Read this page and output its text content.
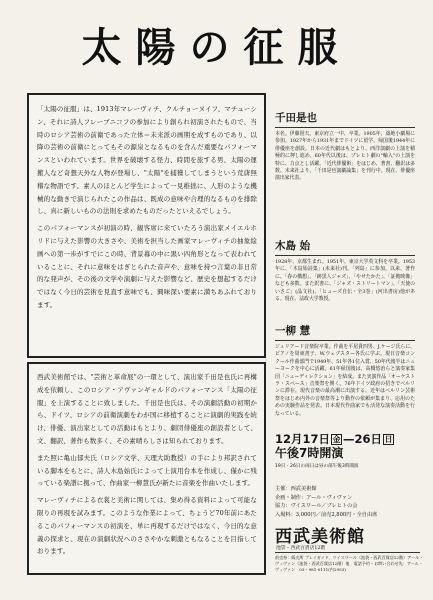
太陽の征服

「太陽の征服」は、1913年マレーヴィチ、クルチョーヌイフ、マチューシン、それに詩人フレーブニコフの参加により創られ初演されたもので、当時のロシア芸術の前衛であった立体＝未来派の画期を成すものであり、以降の芸術の前衛にとってもその源泉となるものを含んだ重要なパフォーマンスといわれています。世界を破壊する怪力、時間を旅する男、太陽の運搬人など奇想天外な人物が登場し、"太陽"を捕獲してしまうという荒唐無稽な物語です。素人のほとんど学生によって一見稚拙に、人形のような機械的な動きで演じられたこの作品は、既成の意味や合理的なるものを排除し、真に新しいものの法則を求めたものだったといえるでしょう。

このパフォーマンスが初演の時、観客席に来ていたろう演出家メイエルホリドに与えた影響の大きさや、美術を担当した画家マレーヴィチの抽象絵画への第一歩がすでにこの時、背景幕の中に黒い四角形となって表われていることに、それに意味をはぎとられた音声や、意味を持つ言葉の非日常的な発声が、その後の文学や演劇に与えた影響など、歴史を想起するだけではなく今日的芸術を見直す意味でも、興味深い要素に満ちあふれております。

西武美術館では、"芸術と革命展"の一環として、演出家千田是也氏に再構成を依頼し、このロシア・アヴァンギャルドのパフォーマンス「太陽の征服」を上演することに致しました。千田是也氏は、その演劇活動の初期から、ドイツ、ロシアの前衛演劇をわが国に移植することに演劇的実践を続け、俳優、演出家としての活動はもとより、劇団俳優座の創設者として、文、翻訳、著作も数多く、その素晴らしさは知られております。

また照に亀山郁夫氏（ロシア文学、天理大助教授）の手により邦訳されている脚本をもとに、詩人木島始氏によって上演用台本を作成し、僅かに残っている楽譜に拠って、作曲家一柳慧氏が新たに音楽を作曲いたします。

マレーヴィチによる衣裳と美術に関しては、集め得る資料によって可能な限りの再現を試みます。このような作業によって、ちょうど70年前にあたるこのパフォーマンスの初演を、単に再現するだけではなく、今日的な意義の探求と、現在の演劇状況へのささやかな刺激ともなることを目指しております。

千田是也
本名。伊藤圀夫。東京府立一中、卒業。1905年、築地小劇場に参加。1927年から1931年までドイツに留学。帰国後1944年に俳優座を創設。日本の近代劇はもとより、西洋演劇の上演を積極的に押し進め、60年代以後は、ブレヒト劇の"輸入"の上演を特に、力点とし活躍。「近代俳優術」をはじめ、著書、翻訳は多数。未来社より、「千田是也演劇論集」を刊行中。現在、俳優座演出家代表。
木島 始
1928年、京都生まれ。1951年、東京大学英文科を卒業。1953年に、「木島始詩集」(未来社)刊。「列島」に参加。以来、著作に、「春の構想」、「跡黒人ジャズ」、「やせたかた」、「証拠映像」なども多数。また訳書に、「ジャズ・ストリートマン」、「天使のいさご」(晶文社)、「ヒューズ自伝・全3巻」(河出書房)他がある。現在、法政大学教授。
一柳 慧
ジュリアード音楽院卒業。作曲を平尾貴四男、J.ケージ氏らに、ピアノを周東書子、W.ウェブスター各氏に学ぶ。現日音楽コンクール作曲部門で1949年、51年各1位入賞、50年代後半はニューヨークを中心に活躍。61年帰国後は、高橋悠治らと演奏家集団「ニューディレクション」を結成。また実演作品「オーケストラ・スペース」音楽祭を開く。76年ドイツ政府の招きでベルリンに滞在。現代音楽の最高潮に出演する。近年はベルリン芸術祭をはじめ内外の音楽祭等より動作の依頼が集まり、応用のための実験作品を発表。日本現代作曲家でも活発な演奏活動を行なっている。
12月17日 金 —26日 日
午後7時開演
19日・26日の両日は昼の部午後3時開演
主催：西武美術館
企画・制作：アール・ヴィヴァン
協力：ヴイスワール／ブレヒトの会
入場料：3,000円／前売2,800円・全自由席
西武美術館
池袋・西武百貨店12階
前売券：販売所 プレイガイド、ウイスワール（池袋・西武百貨店12階）アール・ヴィヴァン（池袋・西武百貨店12階）他　電話予約・お問い合わせ先：アール・ヴィヴァン　03・981-0111(内2953)
